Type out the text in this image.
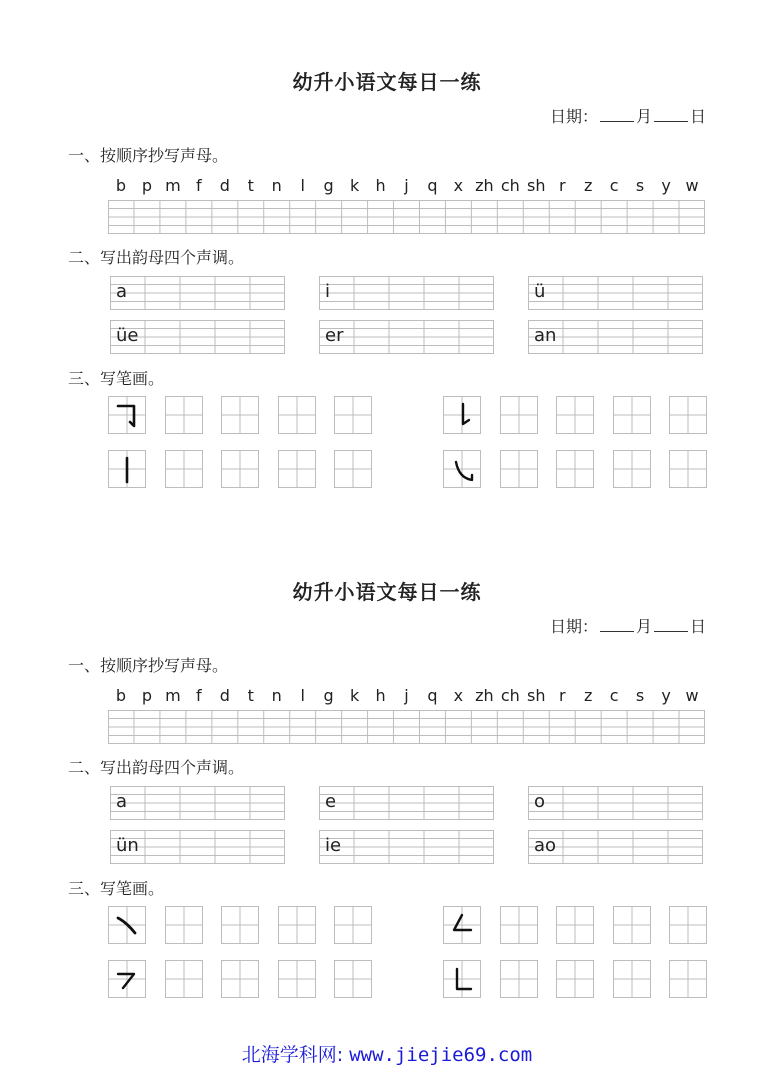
幼升小语文每日一练
日期： 月 日
一、按顺序抄写声母。
b p m f d t n l g k h j q x zh ch sh r z c s y w
二、写出韵母四个声调。
a	i	ü
üe	er	an
三、写笔画。
幼升小语文每日一练
日期： 月 日
一、按顺序抄写声母。
b p m f d t n l g k h j q x zh ch sh r z c s y w
二、写出韵母四个声调。
a	e	o
ün	ie	ao
三、写笔画。
北海学科网: www.jiejie69.com
